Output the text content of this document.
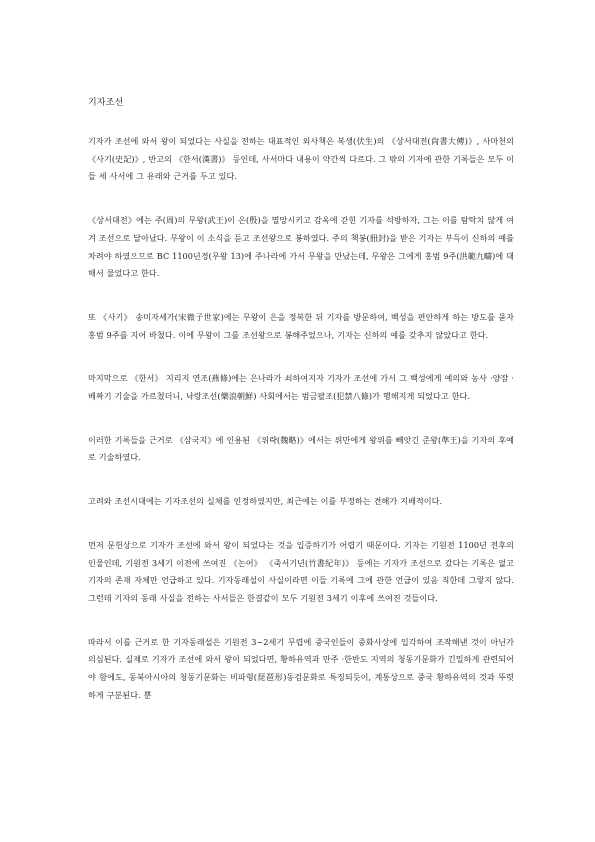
기자조선

기자가 조선에 와서 왕이 되었다는 사실을 전하는 대표적인 외사책은 복생(伏生)의 《상서대전(尙書大傳)》, 사마천의 《사기(史記)》, 반고의 《한서(漢書)》 등인데, 사서마다 내용이 약간씩 다르다. 그 밖의 기자에 관한 기록들은 모두 이들 세 사서에 그 유래와 근거를 두고 있다.

《상서대전》에는 주(周)의 무왕(武王)이 은(殷)을 멸망시키고 감옥에 갇힌 기자를 석방하자, 그는 이를 탐탁치 않게 여겨 조선으로 달아났다. 무왕이 이 소식을 듣고 조선왕으로 봉하였다. 주의 책봉(冊封)을 받은 기자는 부득이 신하의 예를 차려야 하였으므로 BC 1100년경(무왕 13)에 주나라에 가서 무왕을 만났는데, 무왕은 그에게 홍범 9주(洪範九疇)에 대해서 물었다고 한다.

또 《사기》 송미자세가(宋微子世家)에는 무왕이 은을 정복한 뒤 기자를 방문하여, 백성을 편안하게 하는 방도를 묻자 홍범 9주를 지어 바쳤다. 이에 무왕이 그를 조선왕으로 봉해주었으나, 기자는 신하의 예를 갖추지 않았다고 한다.

마지막으로 《한서》 지리지 연조(燕條)에는 은나라가 쇠하여지자 기자가 조선에 가서 그 백성에게 예의와 농사 ·양잠 ·베짜기 기술을 가르쳤더니, 낙랑조선(樂浪朝鮮) 사회에서는 범금팔조(犯禁八條)가 행해지게 되었다고 한다.

이러한 기록들을 근거로 《삼국지》에 인용된 《위략(魏略)》에서는 위만에게 왕위를 빼앗긴 준왕(準王)을 기자의 후예로 기술하였다.

고려와 조선시대에는 기자조선의 실체를 인정하였지만, 최근에는 이를 부정하는 견해가 지배적이다.

먼저 문헌상으로 기자가 조선에 와서 왕이 되었다는 것을 입증하기가 어렵기 때문이다. 기자는 기원전 1100년 전후의 인물인데, 기원전 3세기 이전에 쓰여진 《논어》 《죽서기년(竹書紀年)》 등에는 기자가 조선으로 갔다는 기록은 없고 기자의 존재 자체만 언급하고 있다. 기자동래설이 사실이라면 이들 기록에 그에 관한 언급이 있음 직한데 그렇지 않다. 그런데 기자의 동래 사실을 전하는 사서들은 한결같이 모두 기원전 3세기 이후에 쓰여진 것들이다.

따라서 이를 근거로 한 기자동래설은 기원전 3∼2세기 무렵에 중국인들이 중화사상에 입각하여 조작해낸 것이 아닌가 의심된다. 실제로 기자가 조선에 와서 왕이 되었다면, 황하유역과 만주 ·한반도 지역의 청동기문화가 긴밀하게 관련되어야 함에도, 동북아시아의 청동기문화는 비파형(琵琶形)동검문화로 특징되듯이, 계통상으로 중국 황하유역의 것과 뚜렷하게 구분된다. 뿐
